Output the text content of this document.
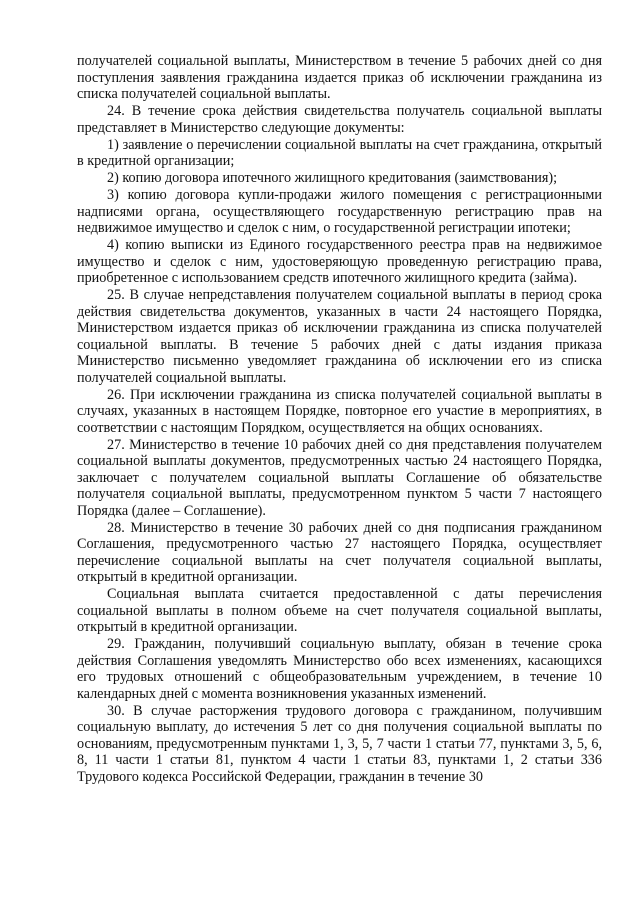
получателей социальной выплаты, Министерством в течение 5 рабочих дней со дня поступления заявления гражданина издается приказ об исключении гражданина из списка получателей социальной выплаты.

24. В течение срока действия свидетельства получатель социальной выплаты представляет в Министерство следующие документы:

1) заявление о перечислении социальной выплаты на счет гражданина, открытый в кредитной организации;

2) копию договора ипотечного жилищного кредитования (заимствования);

3) копию договора купли-продажи жилого помещения с регистрационными надписями органа, осуществляющего государственную регистрацию прав на недвижимое имущество и сделок с ним, о государственной регистрации ипотеки;

4) копию выписки из Единого государственного реестра прав на недвижимое имущество и сделок с ним, удостоверяющую проведенную регистрацию права, приобретенное с использованием средств ипотечного жилищного кредита (займа).

25. В случае непредставления получателем социальной выплаты в период срока действия свидетельства документов, указанных в части 24 настоящего Порядка, Министерством издается приказ об исключении гражданина из списка получателей социальной выплаты. В течение 5 рабочих дней с даты издания приказа Министерство письменно уведомляет гражданина об исключении его из списка получателей социальной выплаты.

26. При исключении гражданина из списка получателей социальной выплаты в случаях, указанных в настоящем Порядке, повторное его участие в мероприятиях, в соответствии с настоящим Порядком, осуществляется на общих основаниях.

27. Министерство в течение 10 рабочих дней со дня представления получателем социальной выплаты документов, предусмотренных частью 24 настоящего Порядка, заключает с получателем социальной выплаты Соглашение об обязательстве получателя социальной выплаты, предусмотренном пунктом 5 части 7 настоящего Порядка (далее – Соглашение).

28. Министерство в течение 30 рабочих дней со дня подписания гражданином Соглашения, предусмотренного частью 27 настоящего Порядка, осуществляет перечисление социальной выплаты на счет получателя социальной выплаты, открытый в кредитной организации.

Социальная выплата считается предоставленной с даты перечисления социальной выплаты в полном объеме на счет получателя социальной выплаты, открытый в кредитной организации.

29. Гражданин, получивший социальную выплату, обязан в течение срока действия Соглашения уведомлять Министерство обо всех изменениях, касающихся его трудовых отношений с общеобразовательным учреждением, в течение 10 календарных дней с момента возникновения указанных изменений.

30. В случае расторжения трудового договора с гражданином, получившим социальную выплату, до истечения 5 лет со дня получения социальной выплаты по основаниям, предусмотренным пунктами 1, 3, 5, 7 части 1 статьи 77, пунктами 3, 5, 6, 8, 11 части 1 статьи 81, пунктом 4 части 1 статьи 83, пунктами 1, 2 статьи 336 Трудового кодекса Российской Федерации, гражданин в течение 30
